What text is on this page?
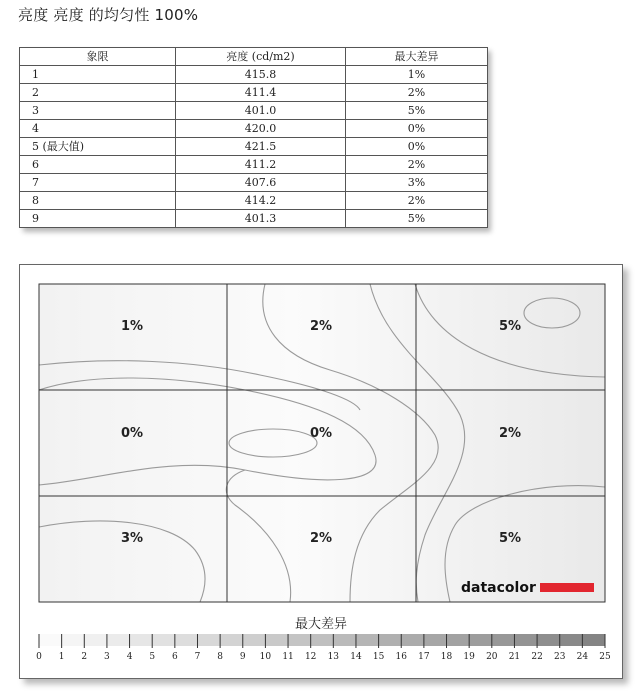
亮度 亮度 的均匀性 100%
象限	亮度 (cd/m2)	最大差异
1	415.8	1%
2	411.4	2%
3	401.0	5%
4	420.0	0%
5 (最大值)	421.5	0%
6	411.2	2%
7	407.6	3%
8	414.2	2%
9	401.3	5%
1%	2%	5%
0%	0%	2%
3%	2%	5%
datacolor
最大差异
0 1 2 3 4 5 6 7 8 9 10 11 12 13 14 15 16 17 18 19 20 21 22 23 24 25
